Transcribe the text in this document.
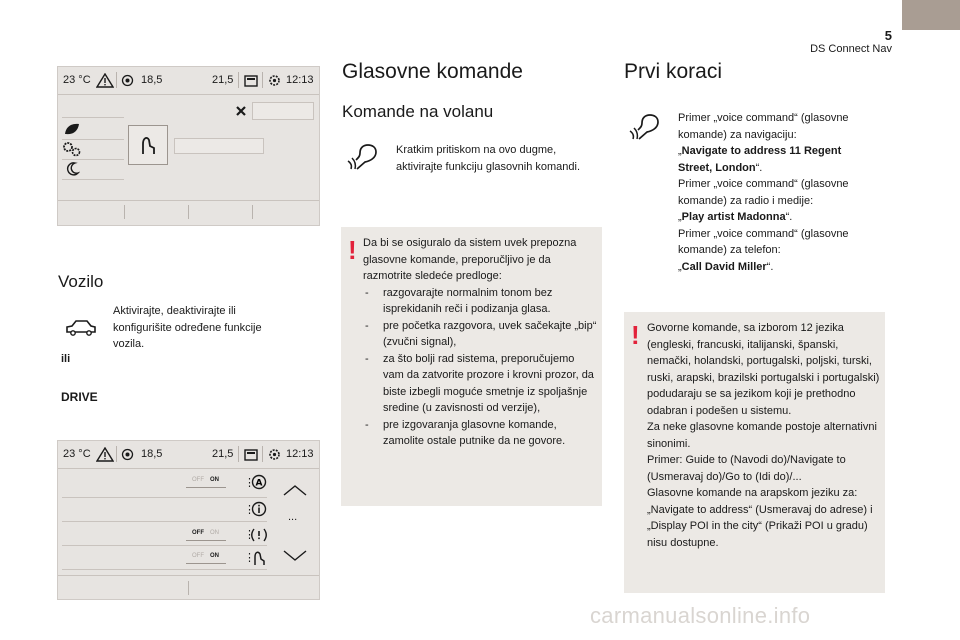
5
DS Connect Nav
23 °C	18,5	21,5	12:13
Vozilo
Aktivirajte, deaktivirajte ili konfigurišite određene funkcije vozila.
ili
DRIVE
23 °C	18,5	21,5	12:13
OFF ON ⋮ A
⋮
OFF ON ⋮
OFF ON ⋮
...
Glasovne komande
Komande na volanu
Kratkim pritiskom na ovo dugme, aktivirajte funkciju glasovnih komandi.
! Da bi se osiguralo da sistem uvek prepozna glasovne komande, preporučljivo je da razmotrite sledeće predloge:
- razgovarajte normalnim tonom bez isprekidanih reči i podizanja glasa.
- pre početka razgovora, uvek sačekajte „bip“ (zvučni signal),
- za što bolji rad sistema, preporučujemo vam da zatvorite prozore i krovni prozor, da biste izbegli moguće smetnje iz spoljašnje sredine (u zavisnosti od verzije),
- pre izgovaranja glasovne komande, zamolite ostale putnike da ne govore.
Prvi koraci
Primer „voice command“ (glasovne komande) za navigaciju:
„Navigate to address 11 Regent Street, London“.
Primer „voice command“ (glasovne komande) za radio i medije:
„Play artist Madonna“.
Primer „voice command“ (glasovne komande) za telefon:
„Call David Miller“.
! Govorne komande, sa izborom 12 jezika (engleski, francuski, italijanski, španski, nemački, holandski, portugalski, poljski, turski, ruski, arapski, brazilski portugalski i portugalski) podudaraju se sa jezikom koji je prethodno odabran i podešen u sistemu.
Za neke glasovne komande postoje alternativni sinonimi.
Primer: Guide to (Navodi do)/Navigate to (Usmeravaj do)/Go to (Idi do)/...
Glasovne komande na arapskom jeziku za: „Navigate to address“ (Usmeravaj do adrese) i „Display POI in the city“ (Prikaži POI u gradu) nisu dostupne.
carmanualsonline.info
